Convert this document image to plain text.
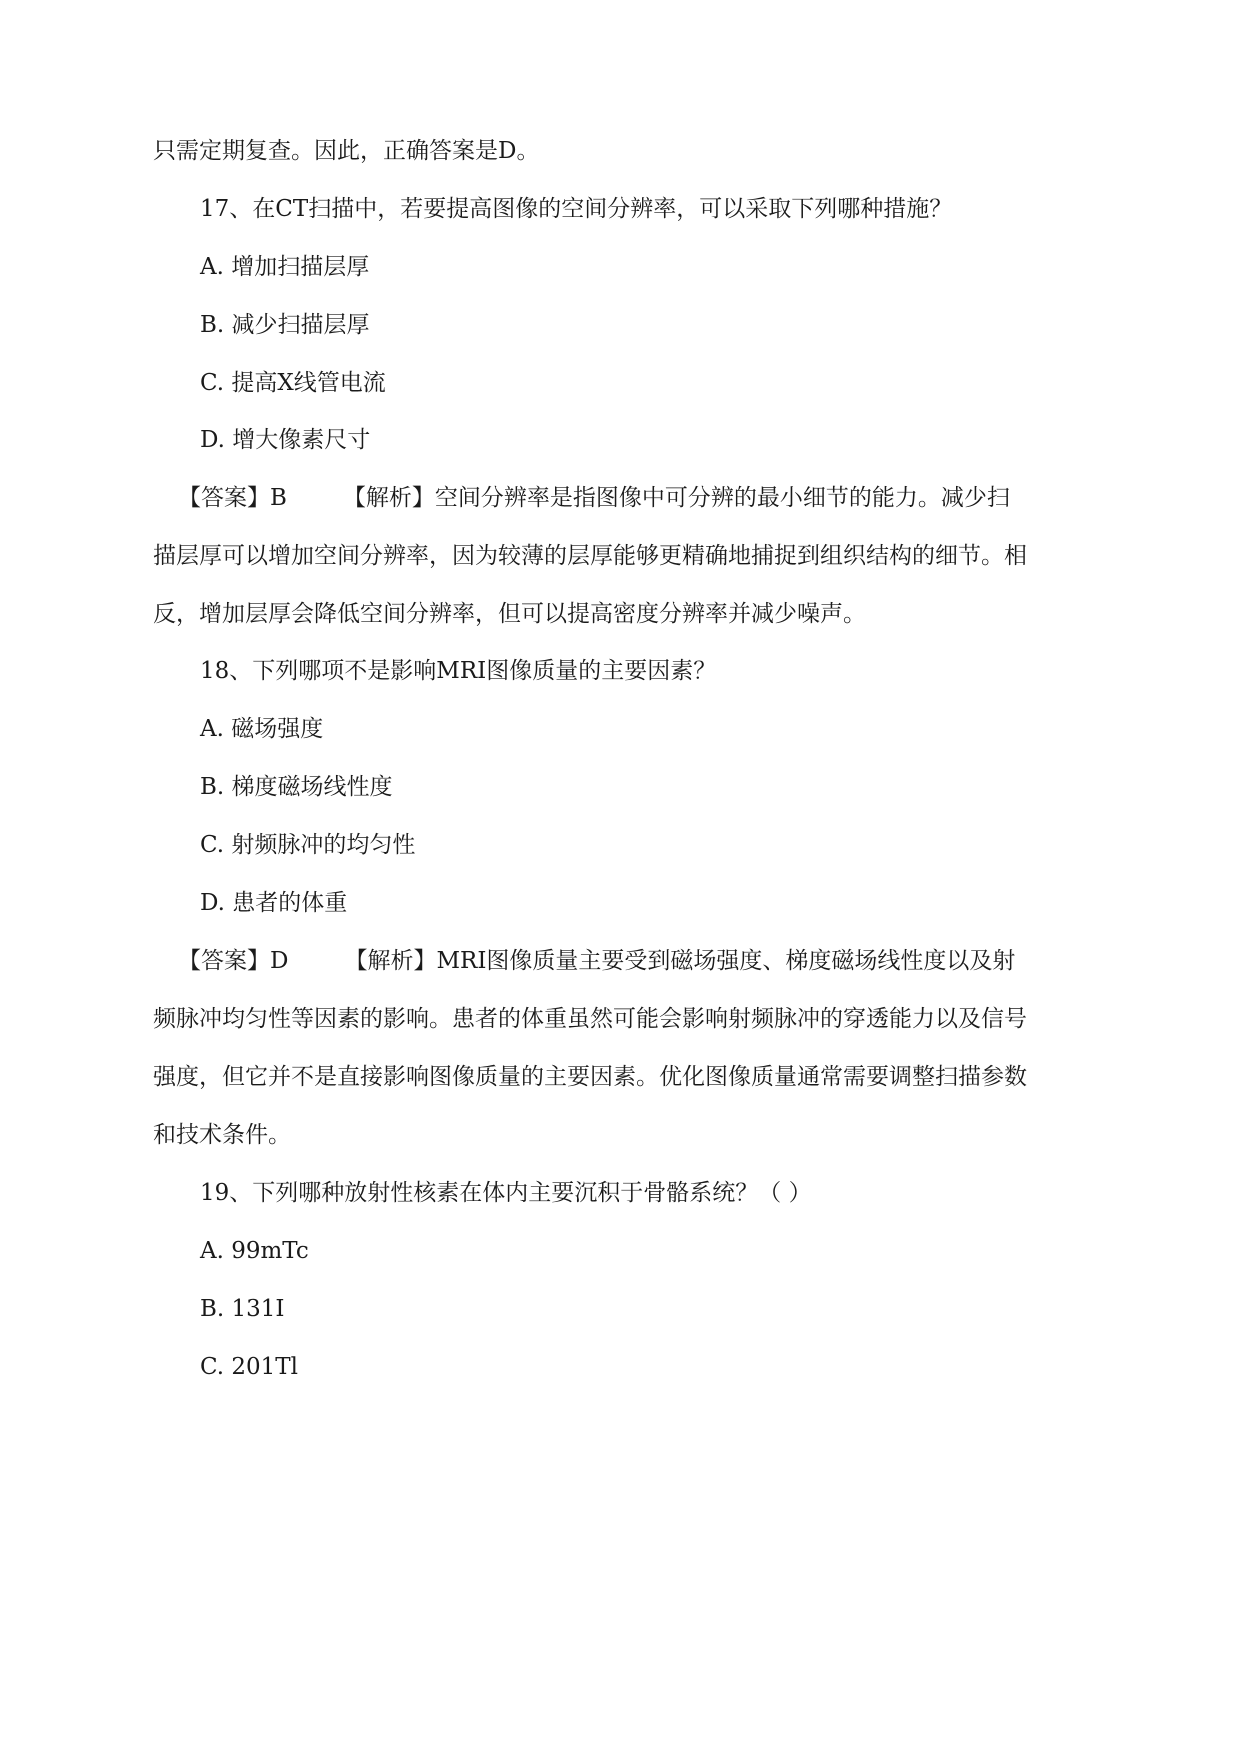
只需定期复查。因此，正确答案是D。
17、在CT扫描中，若要提高图像的空间分辨率，可以采取下列哪种措施？
A. 增加扫描层厚
B. 减少扫描层厚
C. 提高X线管电流
D. 增大像素尺寸
【答案】B 【解析】空间分辨率是指图像中可分辨的最小细节的能力。减少扫
描层厚可以增加空间分辨率，因为较薄的层厚能够更精确地捕捉到组织结构的细节。相
反，增加层厚会降低空间分辨率，但可以提高密度分辨率并减少噪声。
18、下列哪项不是影响MRI图像质量的主要因素？
A. 磁场强度
B. 梯度磁场线性度
C. 射频脉冲的均匀性
D. 患者的体重
【答案】D 【解析】MRI图像质量主要受到磁场强度、梯度磁场线性度以及射
频脉冲均匀性等因素的影响。患者的体重虽然可能会影响射频脉冲的穿透能力以及信号
强度，但它并不是直接影响图像质量的主要因素。优化图像质量通常需要调整扫描参数
和技术条件。
19、下列哪种放射性核素在体内主要沉积于骨骼系统？（ ）
A. 99mTc
B. 131I
C. 201Tl
